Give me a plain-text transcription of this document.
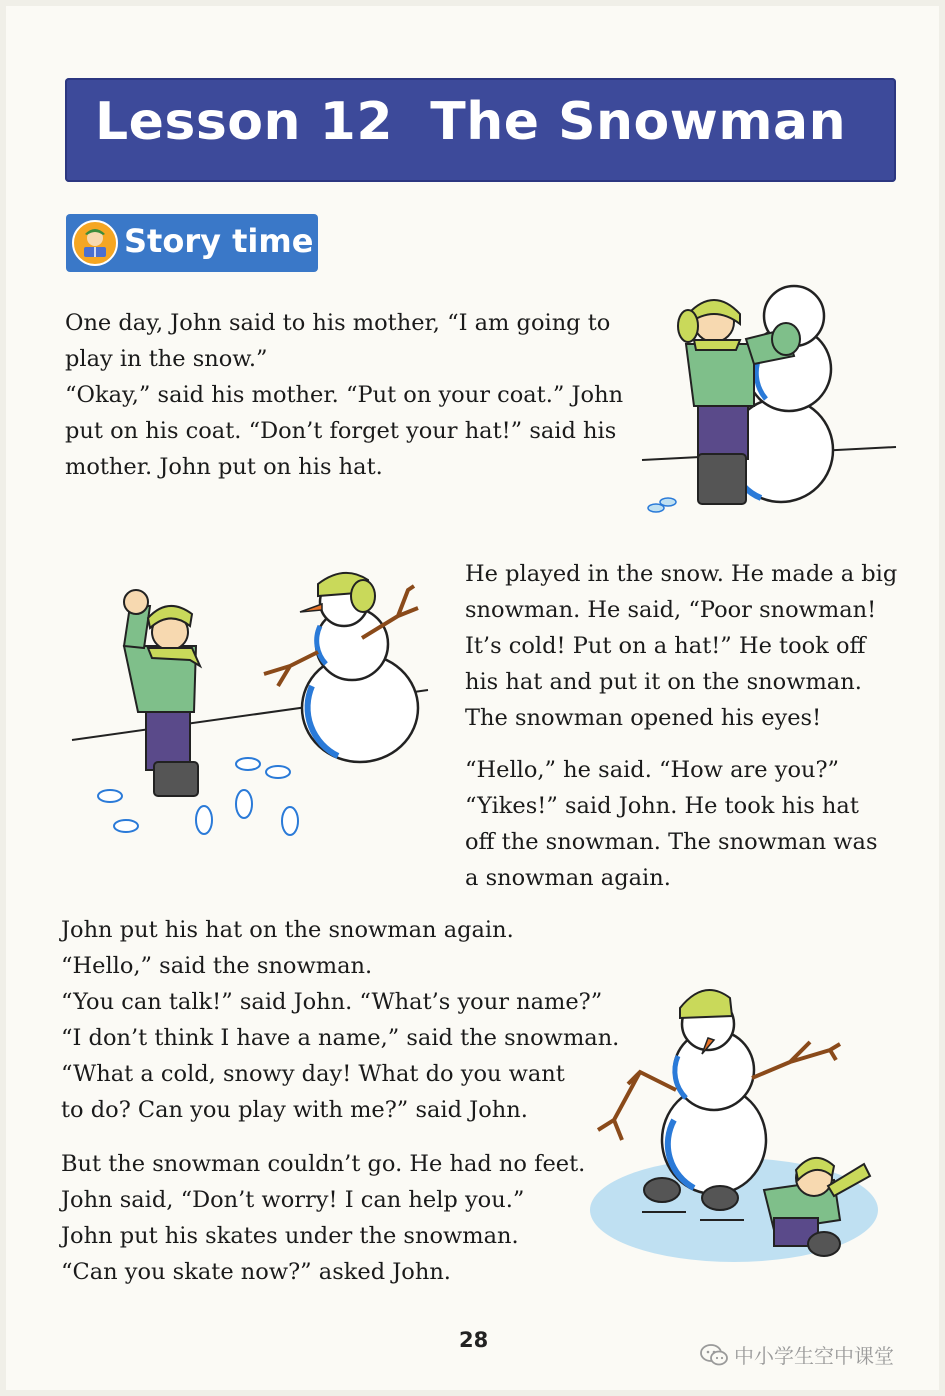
Lesson 12  The Snowman
Story time
One day, John said to his mother, “I am going to
play in the snow.”
“Okay,” said his mother. “Put on your coat.” John
put on his coat. “Don’t forget your hat!” said his
mother. John put on his hat.
He played in the snow. He made a big
snowman. He said, “Poor snowman!
It’s cold! Put on a hat!” He took off
his hat and put it on the snowman.
The snowman opened his eyes!
“Hello,” he said. “How are you?”
“Yikes!” said John. He took his hat
off the snowman. The snowman was
a snowman again.
John put his hat on the snowman again.
“Hello,” said the snowman.
“You can talk!” said John. “What’s your name?”
“I don’t think I have a name,” said the snowman.
“What a cold, snowy day! What do you want
to do? Can you play with me?” said John.
But the snowman couldn’t go. He had no feet.
John said, “Don’t worry! I can help you.”
John put his skates under the snowman.
“Can you skate now?” asked John.
28
中小学生空中课堂
